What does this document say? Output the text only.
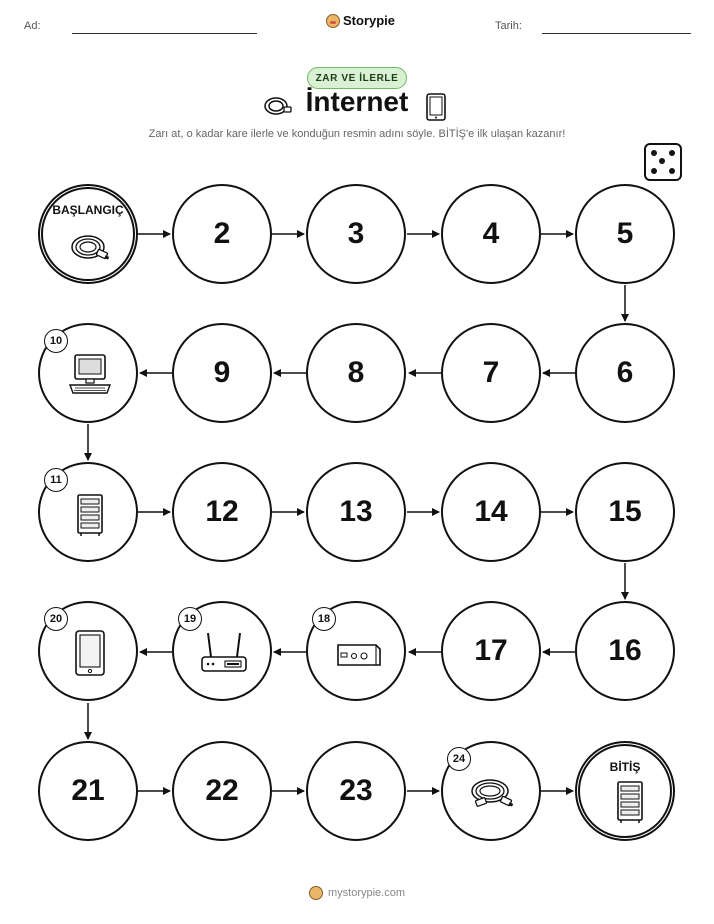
Ad:	Storypie	Tarih:
ZAR VE İLERLE
İnternet
Zarı at, o kadar kare ilerle ve konduğun resmin adını söyle. BİTİŞ'e ilk ulaşan kazanır!
BAŞLANGIÇ
2	3	4	5
6
7
8
9
10
11
12	13	14	15
16
17
18
19
20
21	22	23
24
BİTİŞ
mystorypie.com
